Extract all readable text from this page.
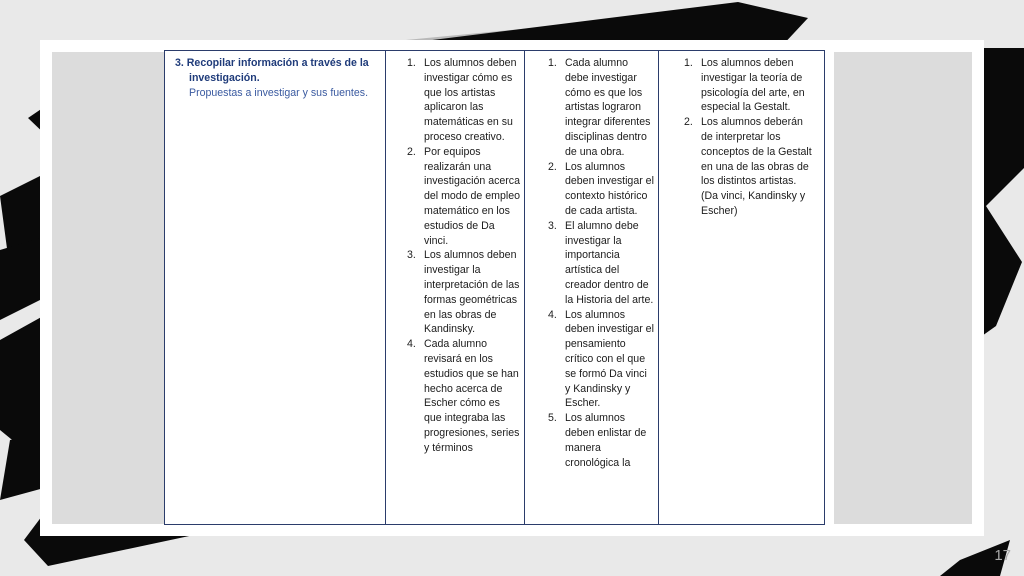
3. Recopilar información a través de la investigación.
Propuestas a investigar y sus fuentes.
1. Los alumnos deben investigar cómo es que los artistas aplicaron las matemáticas en su proceso creativo.
2. Por equipos realizarán una investigación acerca del modo de empleo matemático en los estudios de Da vinci.
3. Los alumnos deben investigar la interpretación de las formas geométricas en las obras de Kandinsky.
4. Cada alumno revisará en los estudios que se han hecho acerca de Escher cómo es que integraba las progresiones, series y términos
1. Cada alumno debe investigar cómo es que los artistas lograron integrar diferentes disciplinas dentro de una obra.
2. Los alumnos deben investigar el contexto histórico de cada artista.
3. El alumno debe investigar la importancia artística del creador dentro de la Historia del arte.
4. Los alumnos deben investigar el pensamiento crítico con el que se formó Da vinci y Kandinsky y Escher.
5. Los alumnos deben enlistar de manera cronológica la
1. Los alumnos deben investigar la teoría de psicología del arte, en especial la Gestalt.
2. Los alumnos deberán de interpretar los conceptos de la Gestalt en una de las obras de los distintos artistas. (Da vinci, Kandinsky y Escher)
17
